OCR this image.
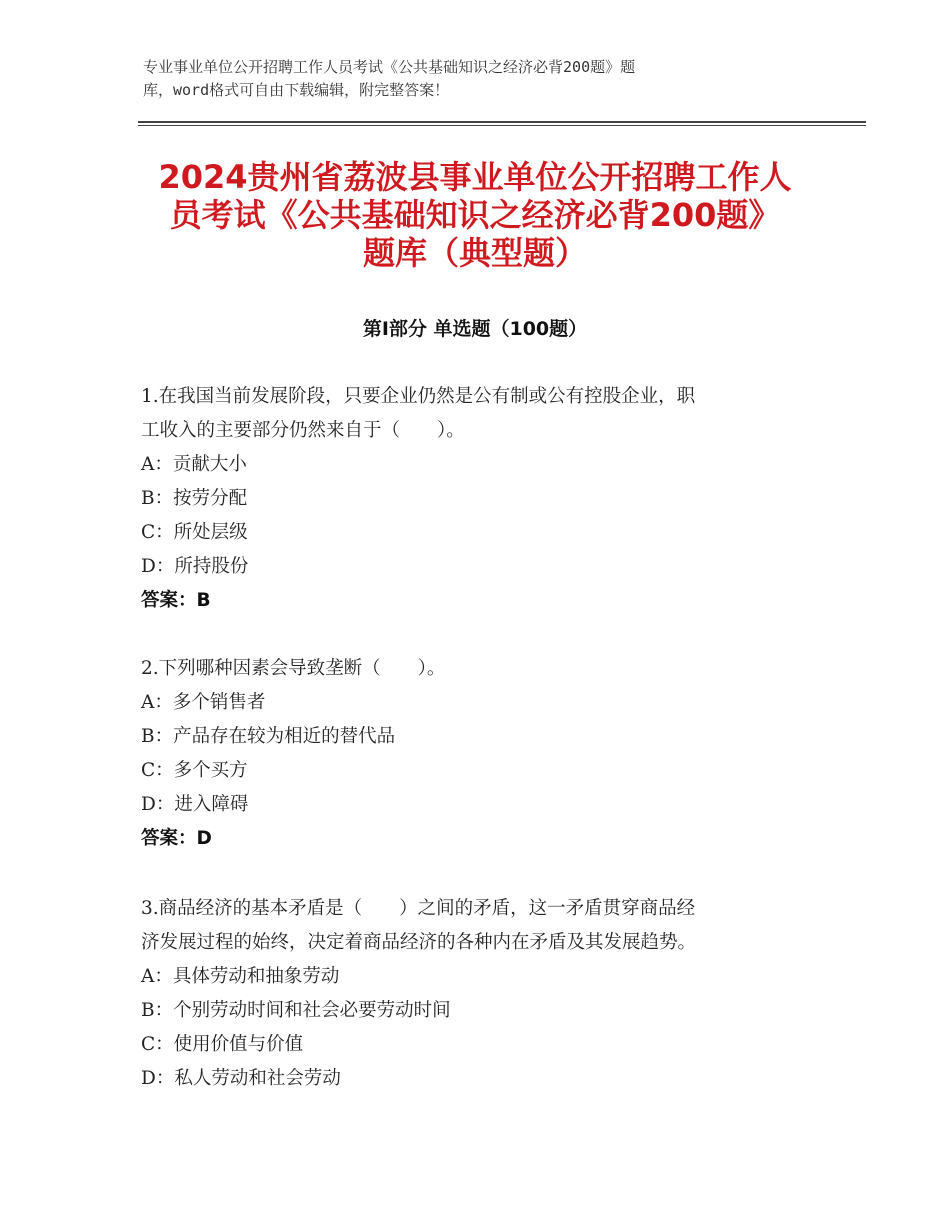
专业事业单位公开招聘工作人员考试《公共基础知识之经济必背200题》题
库，word格式可自由下载编辑，附完整答案！
2024贵州省荔波县事业单位公开招聘工作人
员考试《公共基础知识之经济必背200题》
题库（典型题）
第Ⅰ部分 单选题（100题）
1.在我国当前发展阶段，只要企业仍然是公有制或公有控股企业，职
工收入的主要部分仍然来自于（　　）。
A：贡献大小
B：按劳分配
C：所处层级
D：所持股份
答案：B
2.下列哪种因素会导致垄断（　　）。
A：多个销售者
B：产品存在较为相近的替代品
C：多个买方
D：进入障碍
答案：D
3.商品经济的基本矛盾是（　　）之间的矛盾，这一矛盾贯穿商品经
济发展过程的始终，决定着商品经济的各种内在矛盾及其发展趋势。
A：具体劳动和抽象劳动
B：个别劳动时间和社会必要劳动时间
C：使用价值与价值
D：私人劳动和社会劳动
